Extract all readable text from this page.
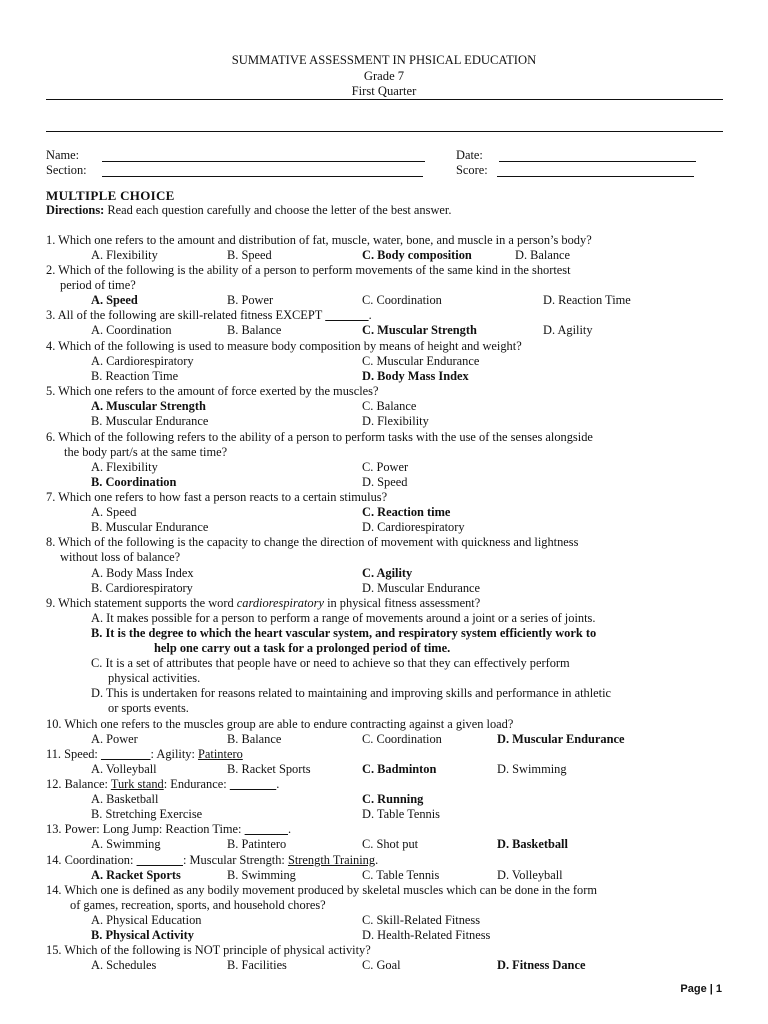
SUMMATIVE ASSESSMENT IN PHSICAL EDUCATION
Grade 7
First Quarter
Name:	Date:
Section:	Score:
MULTIPLE CHOICE
Directions: Read each question carefully and choose the letter of the best answer.
1. Which one refers to the amount and distribution of fat, muscle, water, bone, and muscle in a person’s body?
A. Flexibility	B. Speed	C. Body composition	D. Balance
2. Which of the following is the ability of a person to perform movements of the same kind in the shortest
period of time?
A. Speed	B. Power	C. Coordination	D. Reaction Time
3. All of the following are skill-related fitness EXCEPT	.
A. Coordination	B. Balance	C. Muscular Strength	D. Agility
4. Which of the following is used to measure body composition by means of height and weight?
A. Cardiorespiratory	C. Muscular Endurance
B. Reaction Time	D. Body Mass Index
5. Which one refers to the amount of force exerted by the muscles?
A. Muscular Strength	C. Balance
B. Muscular Endurance	D. Flexibility
6. Which of the following refers to the ability of a person to perform tasks with the use of the senses alongside
the body part/s at the same time?
A. Flexibility	C. Power
B. Coordination	D. Speed
7. Which one refers to how fast a person reacts to a certain stimulus?
A. Speed	C. Reaction time
B. Muscular Endurance	D. Cardiorespiratory
8. Which of the following is the capacity to change the direction of movement with quickness and lightness
without loss of balance?
A. Body Mass Index	C. Agility
B. Cardiorespiratory	D. Muscular Endurance
9. Which statement supports the word cardiorespiratory in physical fitness assessment?
A. It makes possible for a person to perform a range of movements around a joint or a series of joints.
B. It is the degree to which the heart vascular system, and respiratory system efficiently work to
help one carry out a task for a prolonged period of time.
C. It is a set of attributes that people have or need to achieve so that they can effectively perform
physical activities.
D. This is undertaken for reasons related to maintaining and improving skills and performance in athletic
or sports events.
10. Which one refers to the muscles group are able to endure contracting against a given load?
A. Power	B. Balance	C. Coordination	D. Muscular Endurance
11. Speed:	: Agility: Patintero
A. Volleyball	B. Racket Sports	C. Badminton	D. Swimming
12. Balance: Turk stand: Endurance:	.
A. Basketball	C. Running
B. Stretching Exercise	D. Table Tennis
13. Power: Long Jump: Reaction Time:	.
A. Swimming	B. Patintero	C. Shot put	D. Basketball
14. Coordination:	: Muscular Strength: Strength Training.
A. Racket Sports	B. Swimming	C. Table Tennis	D. Volleyball
14. Which one is defined as any bodily movement produced by skeletal muscles which can be done in the form
of games, recreation, sports, and household chores?
A. Physical Education	C. Skill-Related Fitness
B. Physical Activity	D. Health-Related Fitness
15. Which of the following is NOT principle of physical activity?
A. Schedules	B. Facilities	C. Goal	D. Fitness Dance
Page | 1
